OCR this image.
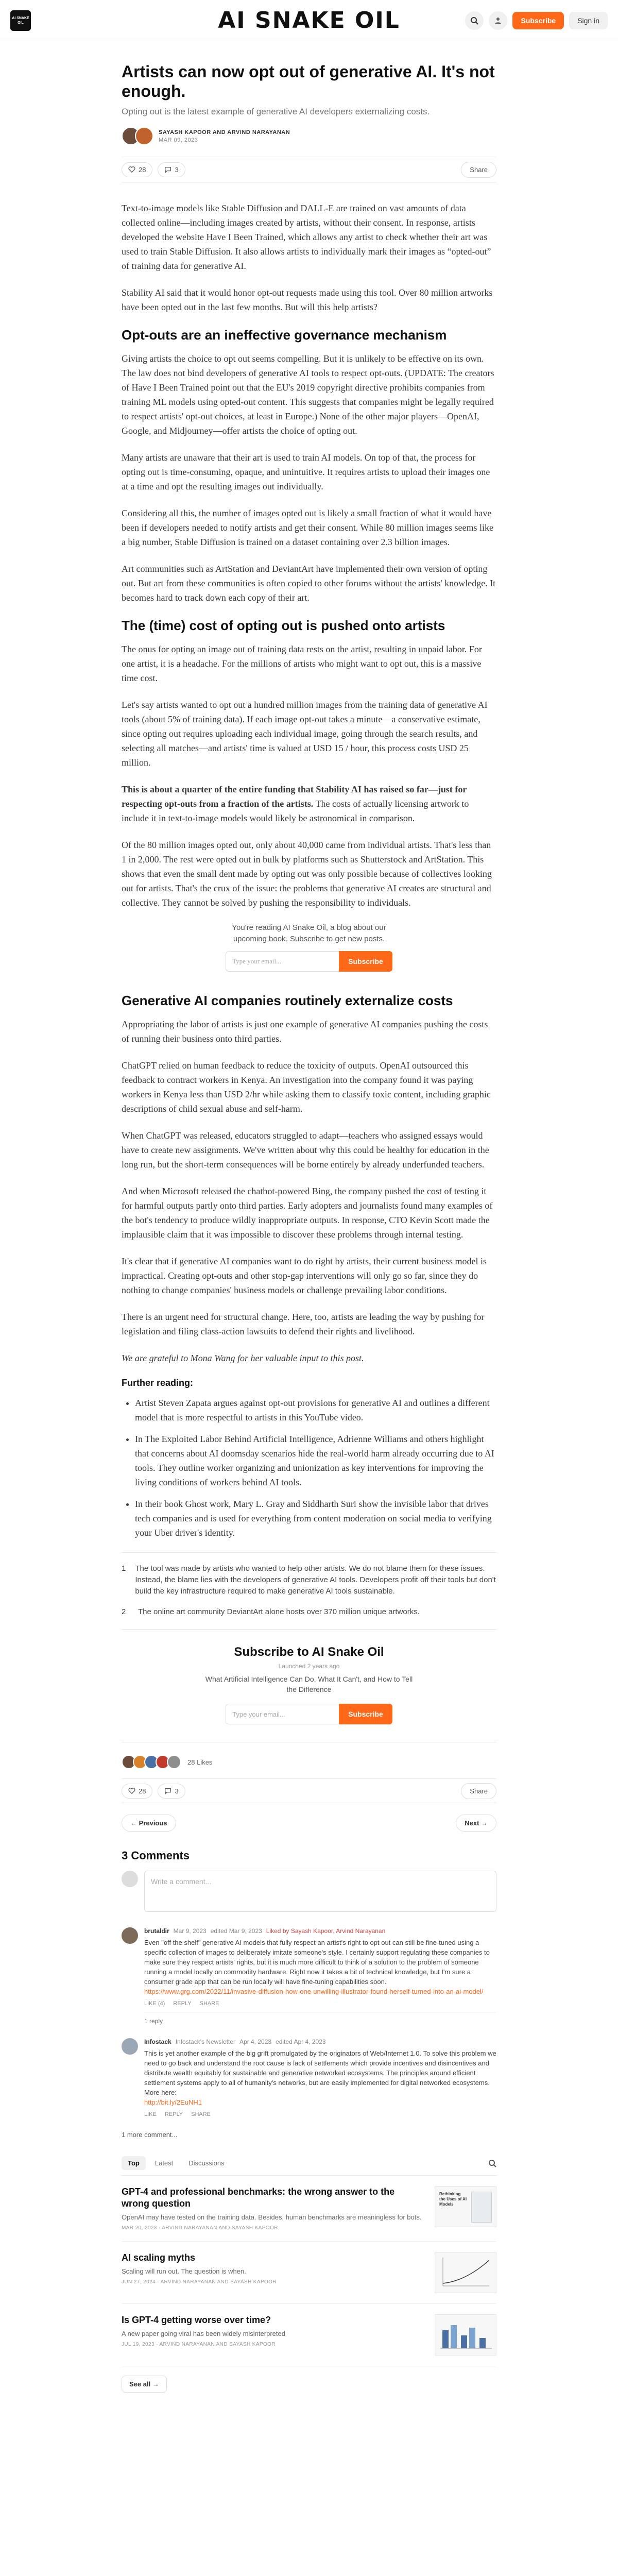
AI SNAKE OIL	AI SNAKE OIL	Subscribe	Sign in
Artists can now opt out of generative AI. It's not enough.
Opting out is the latest example of generative AI developers externalizing costs.
SAYASH KAPOOR AND ARVIND NARAYANAN
MAR 09, 2023
28	3	Share

Text-to-image models like Stable Diffusion and DALL-E are trained on vast amounts of data collected online—including images created by artists, without their consent. In response, artists developed the website Have I Been Trained, which allows any artist to check whether their art was used to train Stable Diffusion. It also allows artists to individually mark their images as “opted-out” of training data for generative AI.

Stability AI said that it would honor opt-out requests made using this tool. Over 80 million artworks have been opted out in the last few months. But will this help artists?

Opt-outs are an ineffective governance mechanism

Giving artists the choice to opt out seems compelling. But it is unlikely to be effective on its own. The law does not bind developers of generative AI tools to respect opt-outs. (UPDATE: The creators of Have I Been Trained point out that the EU's 2019 copyright directive prohibits companies from training ML models using opted-out content. This suggests that companies might be legally required to respect artists' opt-out choices, at least in Europe.) None of the other major players—OpenAI, Google, and Midjourney—offer artists the choice of opting out.

Many artists are unaware that their art is used to train AI models. On top of that, the process for opting out is time-consuming, opaque, and unintuitive. It requires artists to upload their images one at a time and opt the resulting images out individually.

Considering all this, the number of images opted out is likely a small fraction of what it would have been if developers needed to notify artists and get their consent. While 80 million images seems like a big number, Stable Diffusion is trained on a dataset containing over 2.3 billion images.

Art communities such as ArtStation and DeviantArt have implemented their own version of opting out. But art from these communities is often copied to other forums without the artists' knowledge. It becomes hard to track down each copy of their art.

The (time) cost of opting out is pushed onto artists

The onus for opting an image out of training data rests on the artist, resulting in unpaid labor. For one artist, it is a headache. For the millions of artists who might want to opt out, this is a massive time cost.

Let's say artists wanted to opt out a hundred million images from the training data of generative AI tools (about 5% of training data). If each image opt-out takes a minute—a conservative estimate, since opting out requires uploading each individual image, going through the search results, and selecting all matches—and artists' time is valued at USD 15 / hour, this process costs USD 25 million.

This is about a quarter of the entire funding that Stability AI has raised so far—just for respecting opt-outs from a fraction of the artists. The costs of actually licensing artwork to include it in text-to-image models would likely be astronomical in comparison.

Of the 80 million images opted out, only about 40,000 came from individual artists. That's less than 1 in 2,000. The rest were opted out in bulk by platforms such as Shutterstock and ArtStation. This shows that even the small dent made by opting out was only possible because of collectives looking out for artists. That's the crux of the issue: the problems that generative AI creates are structural and collective. They cannot be solved by pushing the responsibility to individuals.

You're reading AI Snake Oil, a blog about our upcoming book. Subscribe to get new posts.
Type your email...	Subscribe
Generative AI companies routinely externalize costs

Appropriating the labor of artists is just one example of generative AI companies pushing the costs of running their business onto third parties.

ChatGPT relied on human feedback to reduce the toxicity of outputs. OpenAI outsourced this feedback to contract workers in Kenya. An investigation into the company found it was paying workers in Kenya less than USD 2/hr while asking them to classify toxic content, including graphic descriptions of child sexual abuse and self-harm.

When ChatGPT was released, educators struggled to adapt—teachers who assigned essays would have to create new assignments. We've written about why this could be healthy for education in the long run, but the short-term consequences will be borne entirely by already underfunded teachers.

And when Microsoft released the chatbot-powered Bing, the company pushed the cost of testing it for harmful outputs partly onto third parties. Early adopters and journalists found many examples of the bot's tendency to produce wildly inappropriate outputs. In response, CTO Kevin Scott made the implausible claim that it was impossible to discover these problems through internal testing.

It's clear that if generative AI companies want to do right by artists, their current business model is impractical. Creating opt-outs and other stop-gap interventions will only go so far, since they do nothing to change companies' business models or challenge prevailing labor conditions.

There is an urgent need for structural change. Here, too, artists are leading the way by pushing for legislation and filing class-action lawsuits to defend their rights and livelihood.

We are grateful to Mona Wang for her valuable input to this post.

Further reading:
• Artist Steven Zapata argues against opt-out provisions for generative AI and outlines a different model that is more respectful to artists in this YouTube video.
• In The Exploited Labor Behind Artificial Intelligence, Adrienne Williams and others highlight that concerns about AI doomsday scenarios hide the real-world harm already occurring due to AI tools. They outline worker organizing and unionization as key interventions for improving the living conditions of workers behind AI tools.
• In their book Ghost work, Mary L. Gray and Siddharth Suri show the invisible labor that drives tech companies and is used for everything from content moderation on social media to verifying your Uber driver's identity.
1 The tool was made by artists who wanted to help other artists. We do not blame them for these issues. Instead, the blame lies with the developers of generative AI tools. Developers profit off their tools but don't build the key infrastructure required to make generative AI tools sustainable.
2	The online art community DeviantArt alone hosts over 370 million unique artworks.
Subscribe to AI Snake Oil
Launched 2 years ago
What Artificial Intelligence Can Do, What It Can't, and How to Tell the Difference
Type your email...	Subscribe
28 Likes
28	3	Share
← Previous	Next →
3 Comments
Write a comment...
brutaldir Mar 9, 2023 edited Mar 9, 2023 Liked by Sayash Kapoor, Arvind Narayanan
Even "off the shelf" generative AI models that fully respect an artist's right to opt out can still be fine-tuned using a specific collection of images to deliberately imitate someone's style. I certainly support regulating these companies to make sure they respect artists' rights, but it is much more difficult to think of a solution to the problem of someone running a model locally on commodity hardware. Right now it takes a bit of technical knowledge, but I'm sure a consumer grade app that can be run locally will have fine-tuning capabilities soon.
https://www.grg.com/2022/11/invasive-diffusion-how-one-unwilling-illustrator-found-herself-turned-into-an-ai-model/
LIKE (4) REPLY SHARE
1 reply
Infostack Infostack's Newsletter Apr 4, 2023 edited Apr 4, 2023
This is yet another example of the big grift promulgated by the originators of Web/Internet 1.0. To solve this problem we need to go back and understand the root cause is lack of settlements which provide incentives and disincentives and distribute wealth equitably for sustainable and generative networked ecosystems. The principles around efficient settlement systems apply to all of humanity's networks, but are easily implemented for digital networked ecosystems. More here:
http://bit.ly/2EuNH1
LIKE REPLY SHARE
1 more comment...
Top	Latest	Discussions
GPT-4 and professional benchmarks: the wrong answer to the wrong question
OpenAI may have tested on the training data. Besides, human benchmarks are meaningless for bots.
MAR 20, 2023 · ARVIND NARAYANAN AND SAYASH KAPOOR
Rethinking the Uses of AI Models
AI scaling myths
Scaling will run out. The question is when.
JUN 27, 2024 · ARVIND NARAYANAN AND SAYASH KAPOOR
Is GPT-4 getting worse over time?
A new paper going viral has been widely misinterpreted
JUL 19, 2023 · ARVIND NARAYANAN AND SAYASH KAPOOR
See all →
